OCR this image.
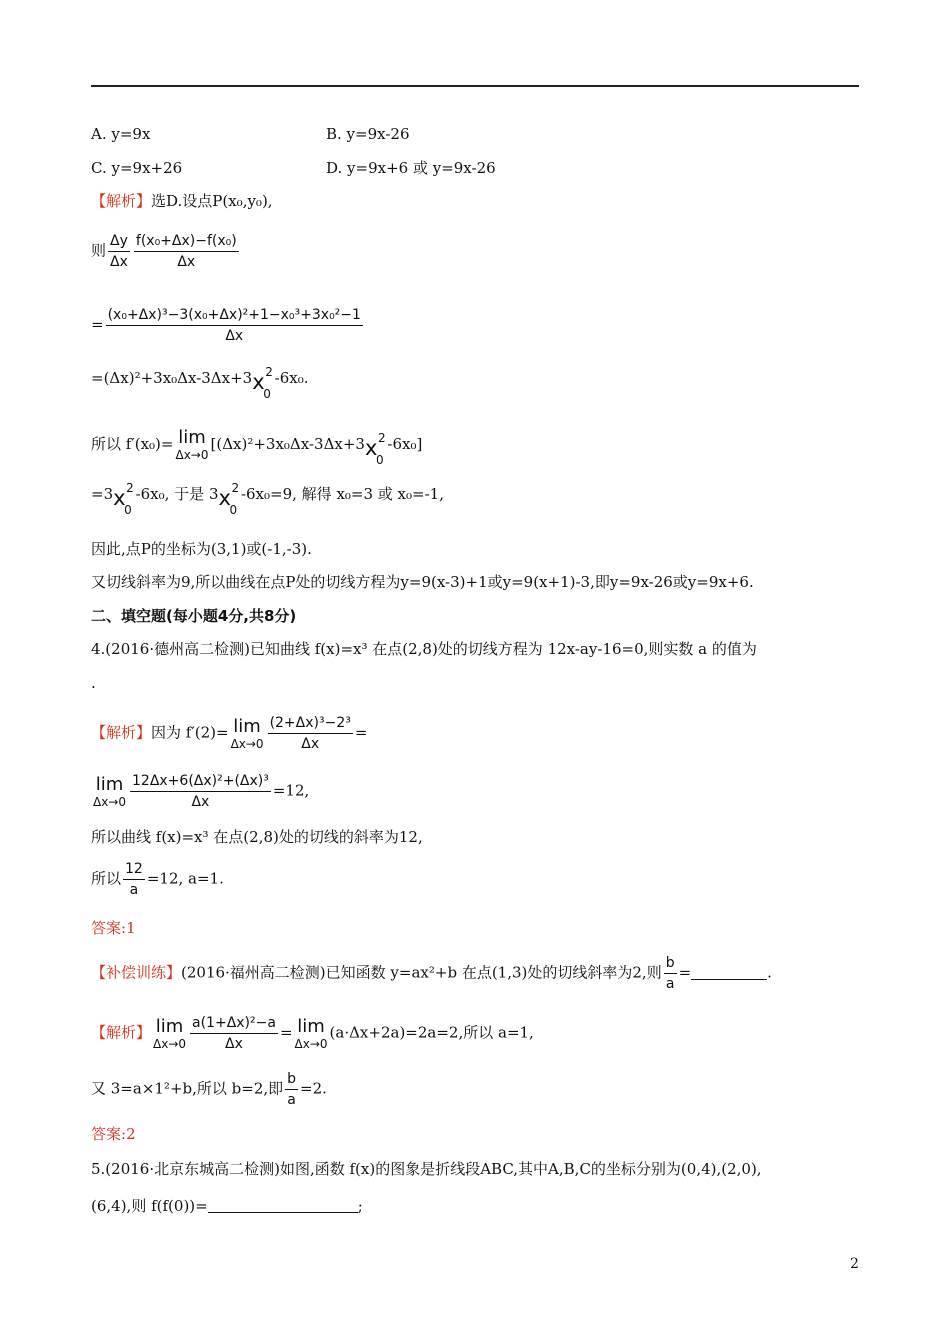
A. y=9x	B. y=9x-26
C. y=9x+26	D. y=9x+6 或 y=9x-26
【解析】选D.设点P(x₀,y₀),
则 $\frac{\Delta y}{\Delta x} \frac{\text{f(x₀+Δx)−f(x₀)}}{\Delta x}$
= $\frac{\text{(x₀+Δx)³−3(x₀+Δx)²+1−x₀³+3x₀²−1}}{\Delta x}$
=(Δx)²+3x₀Δx-3Δx+3x 2
0
-6x₀.
所以 f′(x₀)= lim
Δx→0
[(Δx)²+3x₀Δx-3Δx+3x 2
0
-6x₀]
=3x 2
0
-6x₀, 于是 3x 2
0
-6x₀=9, 解得 x₀=3 或 x₀=-1,
因此,点P的坐标为(3,1)或(-1,-3).
又切线斜率为9,所以曲线在点P处的切线方程为y=9(x-3)+1或y=9(x+1)-3,即y=9x-26或y=9x+6.
二、填空题(每小题4分,共8分)
4.(2016·德州高二检测)已知曲线 f(x)=x³ 在点(2,8)处的切线方程为 12x-ay-16=0,则实数 a 的值为
.
【解析】因为 f′(2)= lim
$\Delta x\to 0 \frac{\text{(2+Δx)³−2³}}{\Delta x}$ =
lim
$\Delta x\to 0 \frac{\text{12Δx+6(Δx)²+(Δx)³}}{\Delta x} =12$,
所以曲线 f(x)=x³ 在点(2,8)处的切线的斜率为12,
所以 $\frac{12}{a} =12$, a=1.
答案:1
【补偿训练】(2016·福州高二检测)已知函数 y=ax²+b 在点(1,3)处的切线斜率为2,则 $\frac{b}{a}$ =	.
【解析】 lim
$\Delta x\to 0 \frac{\text{a(1+Δx)²−a}}{\Delta x} = \lim$
Δx→0
(a·Δx+2a)=2a=2,所以 a=1,
又 3=a×1²+b,所以 b=2,即 $\frac{b}{a} =2$.
答案:2
5.(2016·北京东城高二检测)如图,函数 f(x)的图象是折线段ABC,其中A,B,C的坐标分别为(0,4),(2,0),
(6,4),则 f(f(0))=	;
2
